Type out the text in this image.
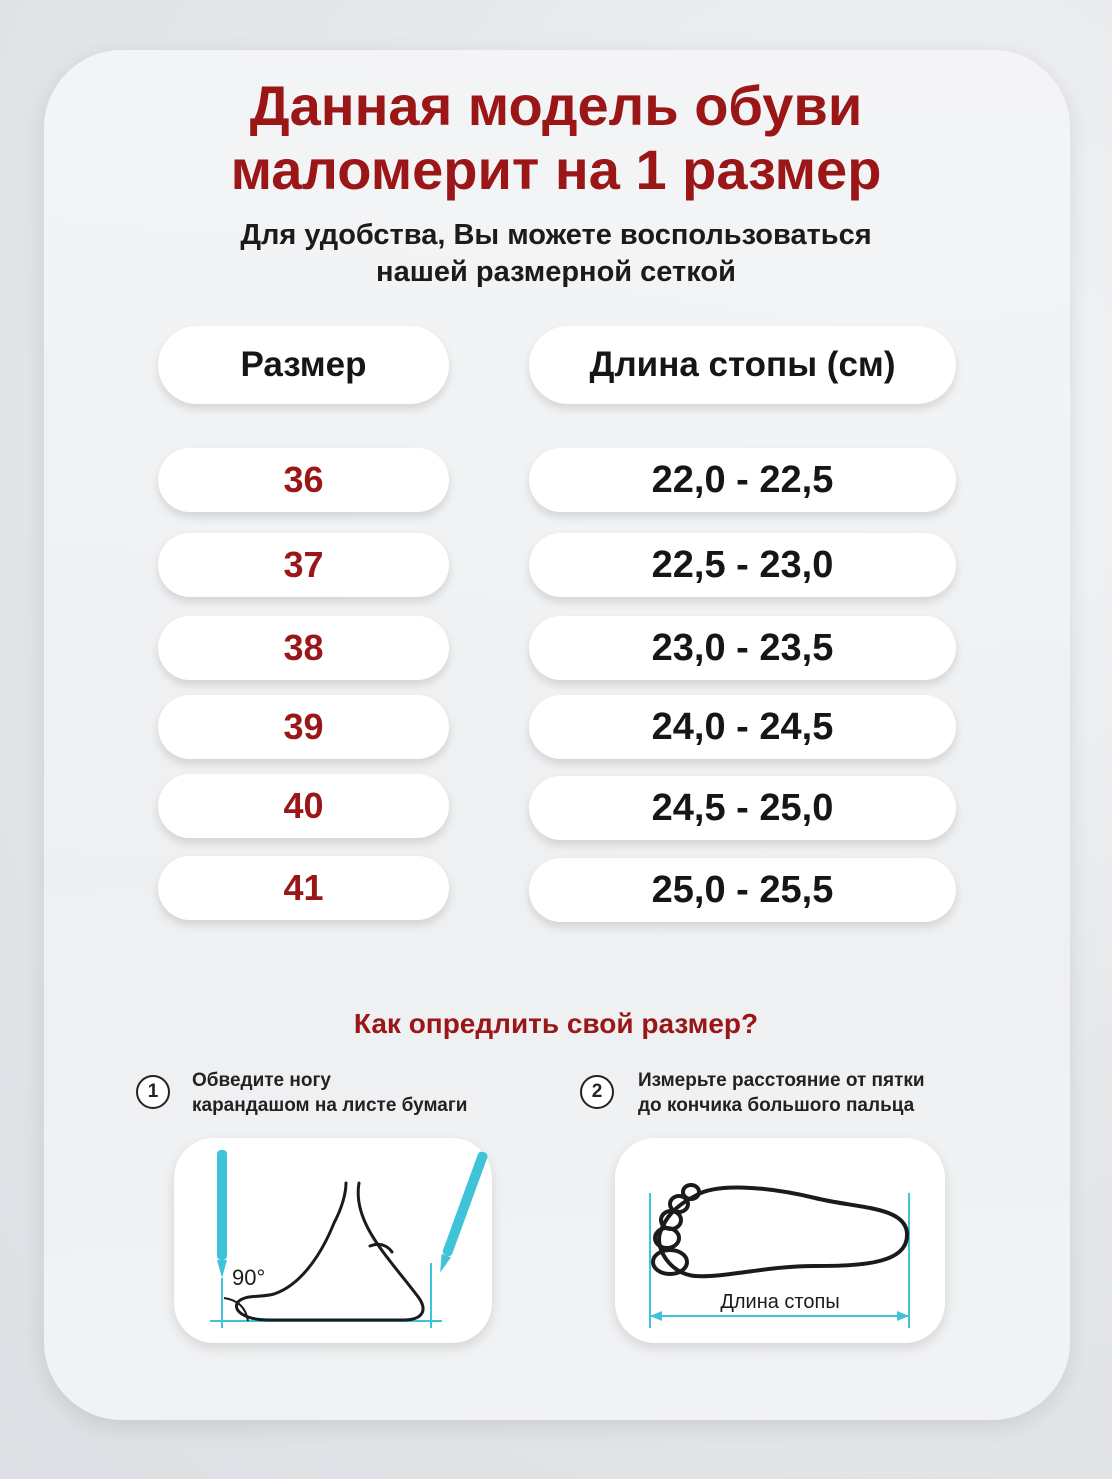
Данная модель обуви
маломерит на 1 размер
Для удобства, Вы можете воспользоваться
нашей размерной сеткой
Размер	Длина стопы (см)
36	22,0 - 22,5
37	22,5 - 23,0
38	23,0 - 23,5
39	24,0 - 24,5
40	24,5 - 25,0
41	25,0 - 25,5
Как опредлить свой размер?
1
Обведите ногу
карандашом на листе бумаги
2
Измерьте расстояние от пятки
до кончика большого пальца
90°
Длина стопы
